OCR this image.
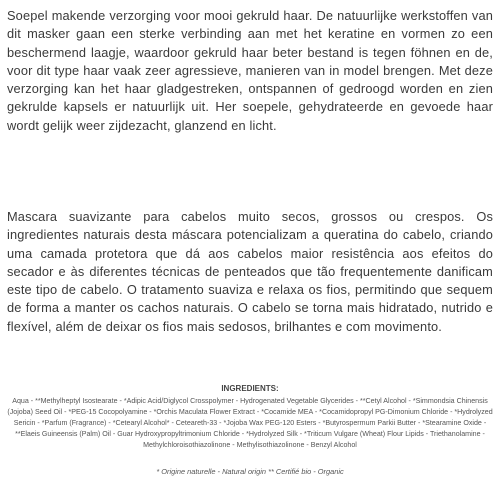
Soepel makende verzorging voor mooi gekruld haar. De natuurlijke werkstoffen van dit masker gaan een sterke verbinding aan met het keratine en vormen zo een beschermend laagje, waardoor gekruld haar beter bestand is tegen föhnen en de, voor dit type haar vaak zeer agressieve, manieren van in model brengen. Met deze verzorging kan het haar gladgestreken, ontspannen of gedroogd worden en zien gekrulde kapsels er natuurlijk uit. Her soepele, gehydrateerde en gevoede haar wordt gelijk weer zijdezacht, glanzend en licht.

Mascara suavizante para cabelos muito secos, grossos ou crespos. Os ingredientes naturais desta máscara potencializam a queratina do cabelo, criando uma camada protetora que dá aos cabelos maior resistência aos efeitos do secador e às diferentes técnicas de penteados que tão frequentemente danificam este tipo de cabelo. O tratamento suaviza e relaxa os fios, permitindo que sequem de forma a manter os cachos naturais. O cabelo se torna mais hidratado, nutrido e flexível, além de deixar os fios mais sedosos, brilhantes e com movimento.

INGREDIENTS:

Aqua - **Methylheptyl Isostearate - *Adipic Acid/Diglycol Crosspolymer - Hydrogenated Vegetable Glycerides - **Cetyl Alcohol - *Simmondsia Chinensis (Jojoba) Seed Oil - *PEG-15 Cocopolyamine - *Orchis Maculata Flower Extract - *Cocamide MEA - *Cocamidopropyl PG-Dimonium Chloride - *Hydrolyzed Sericin - *Parfum (Fragrance) - *Cetearyl Alcohol* - Ceteareth-33 - *Jojoba Wax PEG-120 Esters - *Butyrospermum Parkii Butter - *Stearamine Oxide - **Elaeis Guineensis (Palm) Oil - Guar Hydroxypropyltrimonium Chloride - *Hydrolyzed Silk - *Triticum Vulgare (Wheat) Flour Lipids - Triethanolamine - Methylchloroisothiazolinone - Methylisothiazolinone - Benzyl Alcohol

* Origine naturelle - Natural origin ** Certifié bio - Organic
